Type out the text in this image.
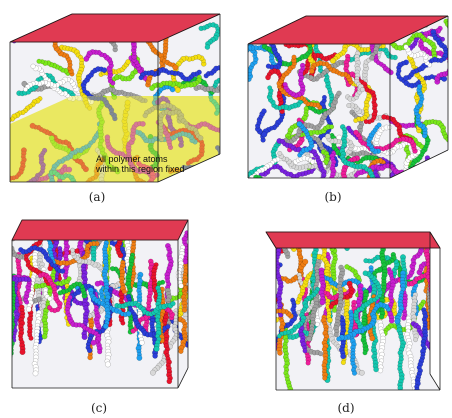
All polymer atoms
within this region fixed
(a)	(b)
(c)	(d)
